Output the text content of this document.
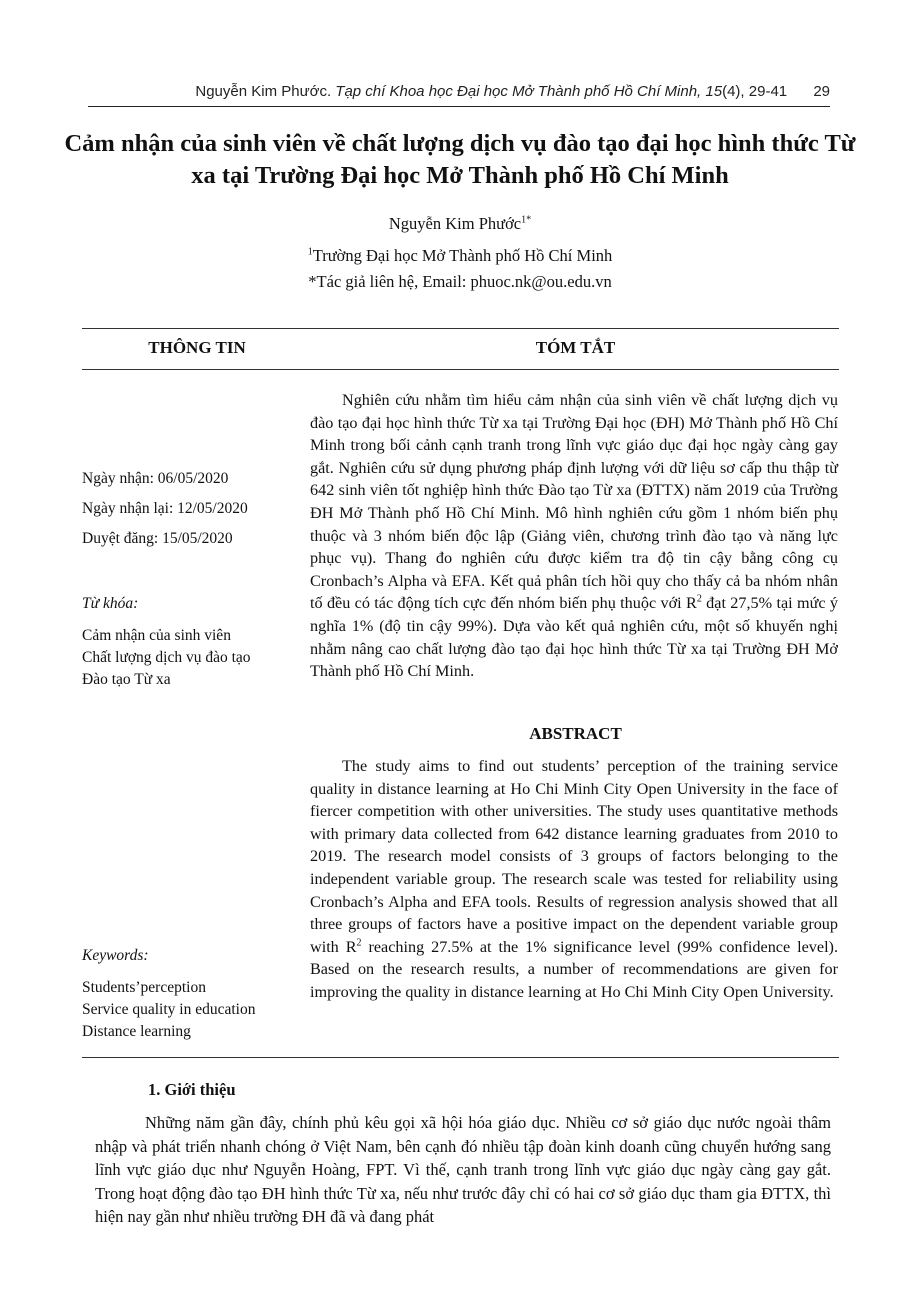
Nguyễn Kim Phước. Tạp chí Khoa học Đại học Mở Thành phố Hồ Chí Minh, 15(4), 29-41 29
Cảm nhận của sinh viên về chất lượng dịch vụ đào tạo đại học hình thức Từ xa tại Trường Đại học Mở Thành phố Hồ Chí Minh
Nguyễn Kim Phước$^{1*}$
$^1$Trường Đại học Mở Thành phố Hồ Chí Minh
*Tác giả liên hệ, Email: phuoc.nk@ou.edu.vn
THÔNG TIN	TÓM TẮT
Ngày nhận: 06/05/2020
Ngày nhận lại: 12/05/2020
Duyệt đăng: 15/05/2020
Từ khóa:
Cảm nhận của sinh viên
Chất lượng dịch vụ đào tạo
Đào tạo Từ xa
Keywords:
Students’perception
Service quality in education
Distance learning

Nghiên cứu nhằm tìm hiểu cảm nhận của sinh viên về chất lượng dịch vụ đào tạo đại học hình thức Từ xa tại Trường Đại học (ĐH) Mở Thành phố Hồ Chí Minh trong bối cảnh cạnh tranh trong lĩnh vực giáo dục đại học ngày càng gay gắt. Nghiên cứu sử dụng phương pháp định lượng với dữ liệu sơ cấp thu thập từ 642 sinh viên tốt nghiệp hình thức Đào tạo Từ xa (ĐTTX) năm 2019 của Trường ĐH Mở Thành phố Hồ Chí Minh. Mô hình nghiên cứu gồm 1 nhóm biến phụ thuộc và 3 nhóm biến độc lập (Giảng viên, chương trình đào tạo và năng lực phục vụ). Thang đo nghiên cứu được kiểm tra độ tin cậy bằng công cụ Cronbach’s Alpha và EFA. Kết quả phân tích hồi quy cho thấy cả ba nhóm nhân tố đều có tác động tích cực đến nhóm biến phụ thuộc với $R^2$ đạt 27,5% tại mức ý nghĩa 1% (độ tin cậy 99%). Dựa vào kết quả nghiên cứu, một số khuyến nghị nhằm nâng cao chất lượng đào tạo đại học hình thức Từ xa tại Trường ĐH Mở Thành phố Hồ Chí Minh.

ABSTRACT

The study aims to find out students’ perception of the training service quality in distance learning at Ho Chi Minh City Open University in the face of fiercer competition with other universities. The study uses quantitative methods with primary data collected from 642 distance learning graduates from 2010 to 2019. The research model consists of 3 groups of factors belonging to the independent variable group. The research scale was tested for reliability using Cronbach’s Alpha and EFA tools. Results of regression analysis showed that all three groups of factors have a positive impact on the dependent variable group with $R^2$ reaching 27.5% at the 1% significance level (99% confidence level). Based on the research results, a number of recommendations are given for improving the quality in distance learning at Ho Chi Minh City Open University.

1. Giới thiệu

Những năm gần đây, chính phủ kêu gọi xã hội hóa giáo dục. Nhiều cơ sở giáo dục nước ngoài thâm nhập và phát triển nhanh chóng ở Việt Nam, bên cạnh đó nhiều tập đoàn kinh doanh cũng chuyển hướng sang lĩnh vực giáo dục như Nguyễn Hoàng, FPT. Vì thế, cạnh tranh trong lĩnh vực giáo dục ngày càng gay gắt. Trong hoạt động đào tạo ĐH hình thức Từ xa, nếu như trước đây chỉ có hai cơ sở giáo dục tham gia ĐTTX, thì hiện nay gần như nhiều trường ĐH đã và đang phát
